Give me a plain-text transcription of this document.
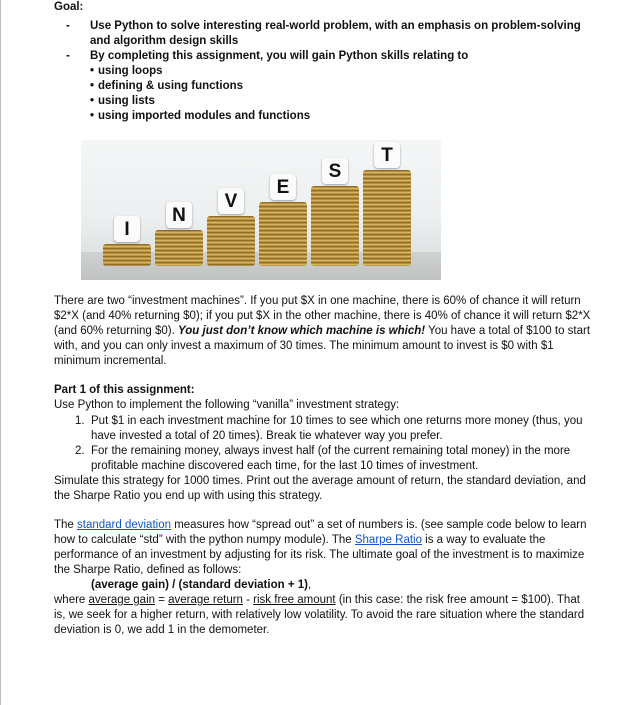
Goal:

- Use Python to solve interesting real-world problem, with an emphasis on problem-solving and algorithm design skills
- By completing this assignment, you will gain Python skills relating to
• using loops
• defining & using functions
• using lists
• using imported modules and functions
I
N
V
E
S
T

There are two “investment machines”. If you put $X in one machine, there is 60% of chance it will return $2*X (and 40% returning $0); if you put $X in the other machine, there is 40% of chance it will return $2*X (and 60% returning $0). You just don’t know which machine is which! You have a total of $100 to start with, and you can only invest a maximum of 30 times. The minimum amount to invest is $0 with $1 minimum incremental.

Part 1 of this assignment:

Use Python to implement the following “vanilla” investment strategy:

1. Put $1 in each investment machine for 10 times to see which one returns more money (thus, you have invested a total of 20 times). Break tie whatever way you prefer.
2. For the remaining money, always invest half (of the current remaining total money) in the more profitable machine discovered each time, for the last 10 times of investment.

Simulate this strategy for 1000 times. Print out the average amount of return, the standard deviation, and the Sharpe Ratio you end up with using this strategy.

The standard deviation measures how “spread out” a set of numbers is. (see sample code below to learn how to calculate “std” with the python numpy module). The Sharpe Ratio is a way to evaluate the performance of an investment by adjusting for its risk. The ultimate goal of the investment is to maximize the Sharpe Ratio, defined as follows:

(average gain) / (standard deviation + 1),

where average gain = average return - risk free amount (in this case: the risk free amount = $100). That is, we seek for a higher return, with relatively low volatility. To avoid the rare situation where the standard deviation is 0, we add 1 in the demometer.
